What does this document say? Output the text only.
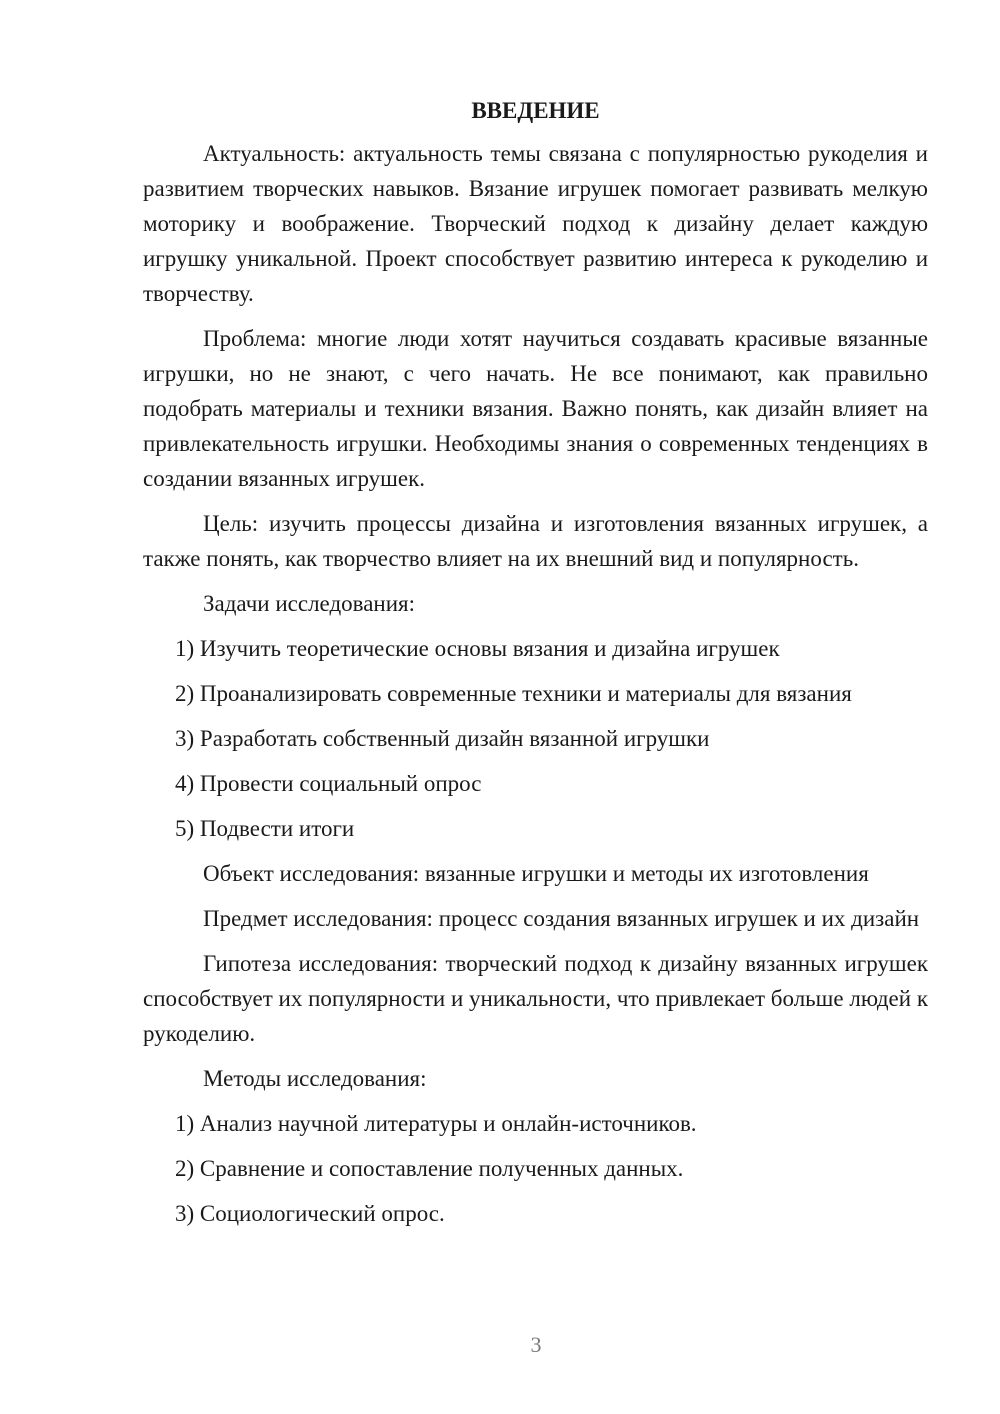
ВВЕДЕНИЕ

Актуальность: актуальность темы связана с популярностью рукоделия и развитием творческих навыков. Вязание игрушек помогает развивать мелкую моторику и воображение. Творческий подход к дизайну делает каждую игрушку уникальной. Проект способствует развитию интереса к рукоделию и творчеству.

Проблема: многие люди хотят научиться создавать красивые вязанные игрушки, но не знают, с чего начать. Не все понимают, как правильно подобрать материалы и техники вязания. Важно понять, как дизайн влияет на привлекательность игрушки. Необходимы знания о современных тенденциях в создании вязанных игрушек.

Цель: изучить процессы дизайна и изготовления вязанных игрушек, а также понять, как творчество влияет на их внешний вид и популярность.

Задачи исследования:

1) Изучить теоретические основы вязания и дизайна игрушек
2) Проанализировать современные техники и материалы для вязания
3) Разработать собственный дизайн вязанной игрушки
4) Провести социальный опрос
5) Подвести итоги

Объект исследования: вязанные игрушки и методы их изготовления

Предмет исследования: процесс создания вязанных игрушек и их дизайн

Гипотеза исследования: творческий подход к дизайну вязанных игрушек способствует их популярности и уникальности, что привлекает больше людей к рукоделию.

Методы исследования:

1) Анализ научной литературы и онлайн-источников.
2) Сравнение и сопоставление полученных данных.
3) Социологический опрос.
3
